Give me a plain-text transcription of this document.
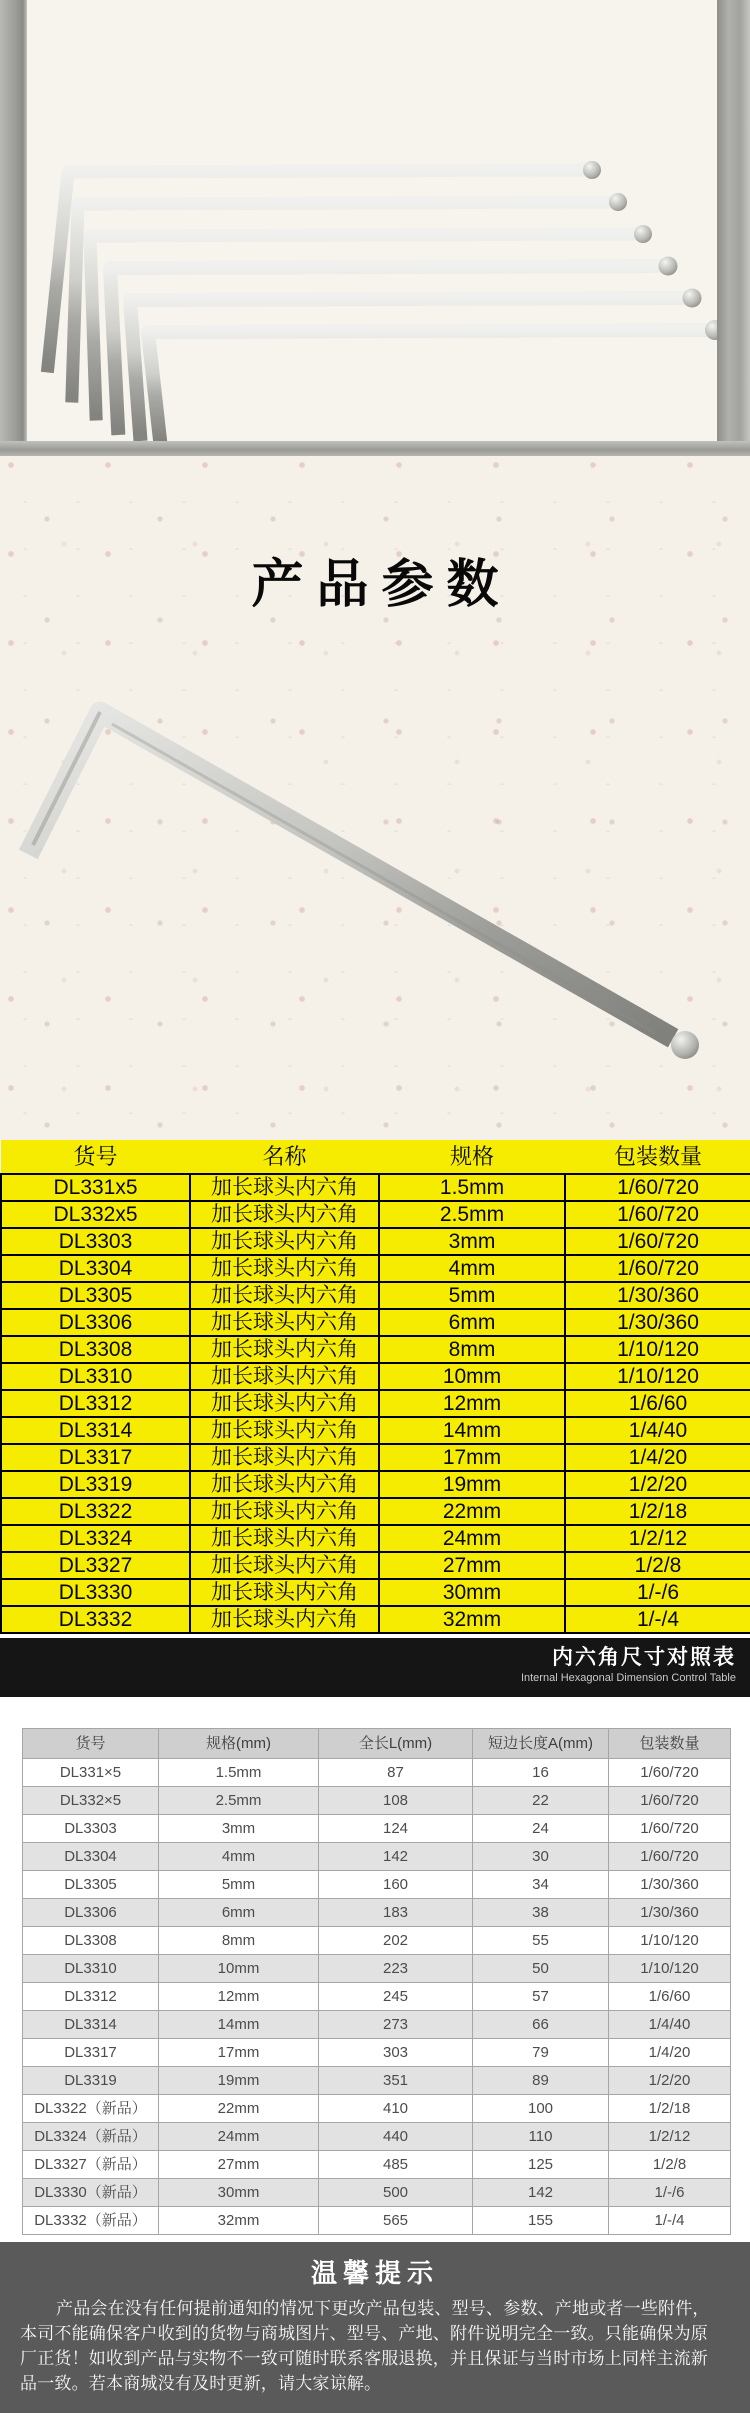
产品参数
货号	名称	规格	包装数量
DL331x5	加长球头内六角	1.5mm	1/60/720
DL332x5	加长球头内六角	2.5mm	1/60/720
DL3303	加长球头内六角	3mm	1/60/720
DL3304	加长球头内六角	4mm	1/60/720
DL3305	加长球头内六角	5mm	1/30/360
DL3306	加长球头内六角	6mm	1/30/360
DL3308	加长球头内六角	8mm	1/10/120
DL3310	加长球头内六角	10mm	1/10/120
DL3312	加长球头内六角	12mm	1/6/60
DL3314	加长球头内六角	14mm	1/4/40
DL3317	加长球头内六角	17mm	1/4/20
DL3319	加长球头内六角	19mm	1/2/20
DL3322	加长球头内六角	22mm	1/2/18
DL3324	加长球头内六角	24mm	1/2/12
DL3327	加长球头内六角	27mm	1/2/8
DL3330	加长球头内六角	30mm	1/-/6
DL3332	加长球头内六角	32mm	1/-/4
内六角尺寸对照表
Internal Hexagonal Dimension Control Table
货号	规格(mm)	全长L(mm)	短边长度A(mm)	包装数量
DL331×5	1.5mm	87	16	1/60/720
DL332×5	2.5mm	108	22	1/60/720
DL3303	3mm	124	24	1/60/720
DL3304	4mm	142	30	1/60/720
DL3305	5mm	160	34	1/30/360
DL3306	6mm	183	38	1/30/360
DL3308	8mm	202	55	1/10/120
DL3310	10mm	223	50	1/10/120
DL3312	12mm	245	57	1/6/60
DL3314	14mm	273	66	1/4/40
DL3317	17mm	303	79	1/4/20
DL3319	19mm	351	89	1/2/20
DL3322（新品）	22mm	410	100	1/2/18
DL3324（新品）	24mm	440	110	1/2/12
DL3327（新品）	27mm	485	125	1/2/8
DL3330（新品）	30mm	500	142	1/-/6
DL3332（新品）	32mm	565	155	1/-/4
温馨提示
产品会在没有任何提前通知的情况下更改产品包装、型号、参数、产地或者一些附件，
本司不能确保客户收到的货物与商城图片、型号、产地、附件说明完全一致。只能确保为原
厂正货！如收到产品与实物不一致可随时联系客服退换，并且保证与当时市场上同样主流新
品一致。若本商城没有及时更新，请大家谅解。
